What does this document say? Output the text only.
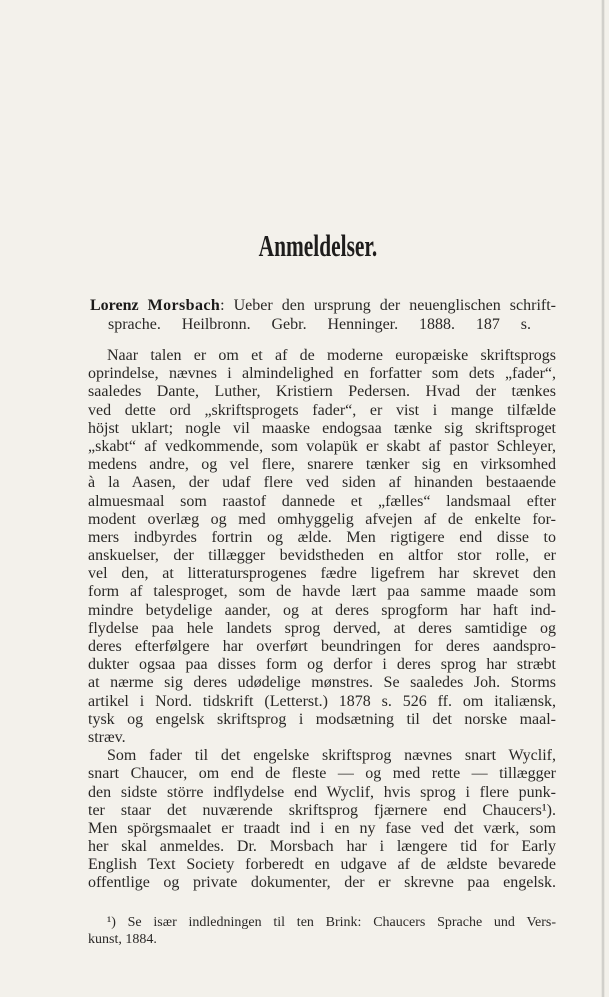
Anmeldelser.
Lorenz Morsbach: Ueber den ursprung der neuenglischen schrift-
sprache. Heilbronn. Gebr. Henninger. 1888. 187 s.
Naar talen er om et af de moderne europæiske skriftsprogs
oprindelse, nævnes i almindelighed en forfatter som dets „fader“,
saaledes Dante, Luther, Kristiern Pedersen. Hvad der tænkes
ved dette ord „skriftsprogets fader“, er vist i mange tilfælde
höjst uklart; nogle vil maaske endogsaa tænke sig skriftsproget
„skabt“ af vedkommende, som volapük er skabt af pastor Schleyer,
medens andre, og vel flere, snarere tænker sig en virksomhed
à la Aasen, der udaf flere ved siden af hinanden bestaaende
almuesmaal som raastof dannede et „fælles“ landsmaal efter
modent overlæg og med omhyggelig afvejen af de enkelte for-
mers indbyrdes fortrin og ælde. Men rigtigere end disse to
anskuelser, der tillægger bevidstheden en altfor stor rolle, er
vel den, at litteratursprogenes fædre ligefrem har skrevet den
form af talesproget, som de havde lært paa samme maade som
mindre betydelige aander, og at deres sprogform har haft ind-
flydelse paa hele landets sprog derved, at deres samtidige og
deres efterfølgere har overført beundringen for deres aandspro-
dukter ogsaa paa disses form og derfor i deres sprog har stræbt
at nærme sig deres udødelige mønstres. Se saaledes Joh. Storms
artikel i Nord. tidskrift (Letterst.) 1878 s. 526 ff. om italiænsk,
tysk og engelsk skriftsprog i modsætning til det norske maal-
stræv.
Som fader til det engelske skriftsprog nævnes snart Wyclif,
snart Chaucer, om end de fleste — og med rette — tillægger
den sidste större indflydelse end Wyclif, hvis sprog i flere punk-
ter staar det nuværende skriftsprog fjærnere end Chaucers¹).
Men spörgsmaalet er traadt ind i en ny fase ved det værk, som
her skal anmeldes. Dr. Morsbach har i længere tid for Early
English Text Society forberedt en udgave af de ældste bevarede
offentlige og private dokumenter, der er skrevne paa engelsk.
¹) Se især indledningen til ten Brink: Chaucers Sprache und Vers-
kunst, 1884.
